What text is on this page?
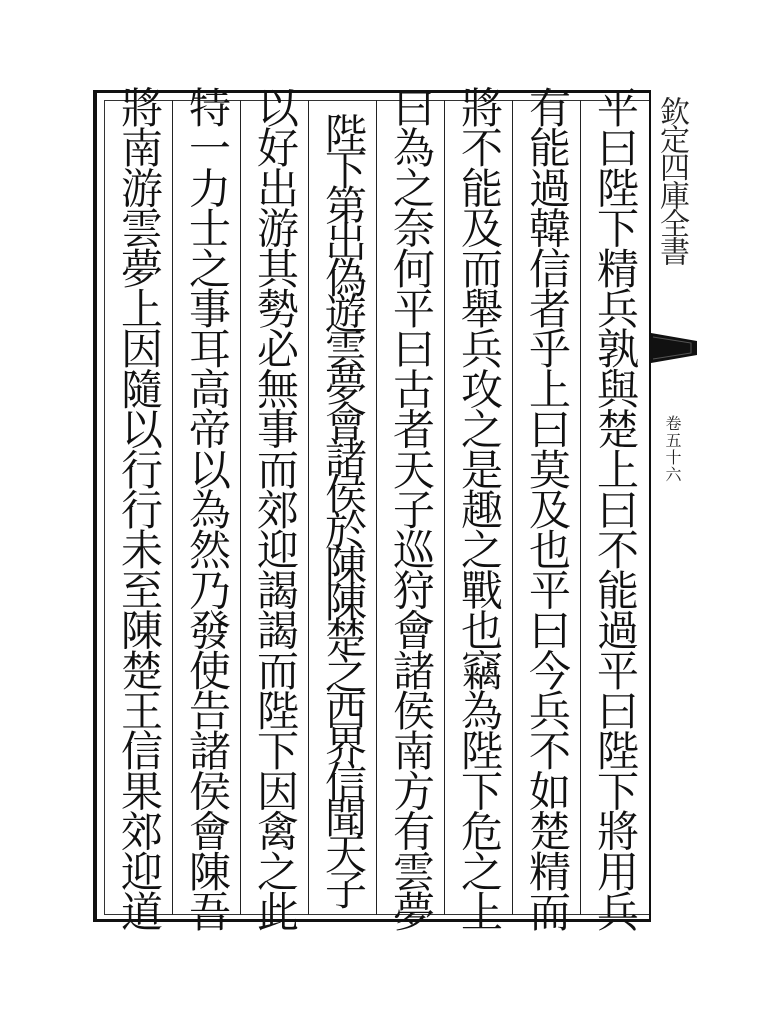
平曰陛下精兵孰與楚上曰不能過平曰陛下將用兵
有能過韓信者乎上曰莫及也平曰今兵不如楚精而
將不能及而舉兵攻之是趣之戰也竊為陛下危之上
曰為之奈何平曰古者天子巡狩會諸侯南方有雲夢
陛下第出偽遊雲夢會諸侯於陳陳楚之西界信聞天子
以好出游其勢必無事而郊迎謁謁而陛下因禽之此
特一力士之事耳高帝以為然乃發使告諸侯會陳吾
將南游雲夢上因隨以行行未至陳楚王信果郊迎道	欽定四庫全書
卷五十六
